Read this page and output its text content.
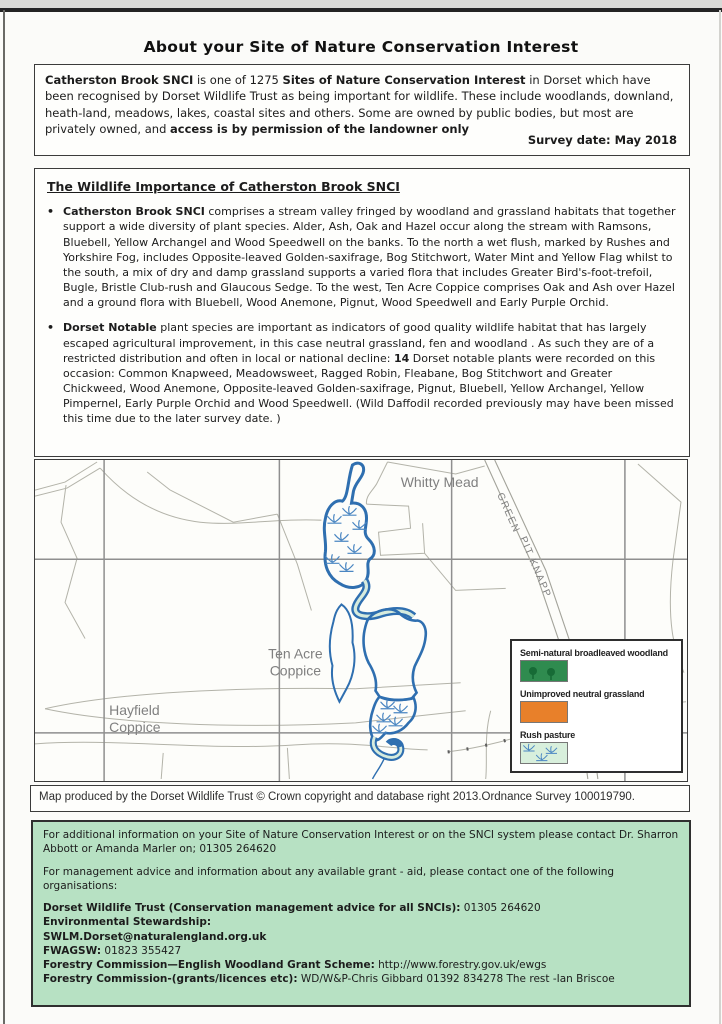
About your Site of Nature Conservation Interest
Catherston Brook SNCI is one of 1275 Sites of Nature Conservation Interest in Dorset which have been recognised by Dorset Wildlife Trust as being important for wildlife. These include woodlands, downland, heath-land, meadows, lakes, coastal sites and others. Some are owned by public bodies, but most are privately owned, and access is by permission of the landowner only
Survey date: May 2018
The Wildlife Importance of Catherston Brook SNCI
• Catherston Brook SNCI comprises a stream valley fringed by woodland and grassland habitats that together support a wide diversity of plant species. Alder, Ash, Oak and Hazel occur along the stream with Ramsons, Bluebell, Yellow Archangel and Wood Speedwell on the banks. To the north a wet flush, marked by Rushes and Yorkshire Fog, includes Opposite-leaved Golden-saxifrage, Bog Stitchwort, Water Mint and Yellow Flag whilst to the south, a mix of dry and damp grassland supports a varied flora that includes Greater Bird's-foot-trefoil, Bugle, Bristle Club-rush and Glaucous Sedge. To the west, Ten Acre Coppice comprises Oak and Ash over Hazel and a ground flora with Bluebell, Wood Anemone, Pignut, Wood Speedwell and Early Purple Orchid.
• Dorset Notable plant species are important as indicators of good quality wildlife habitat that has largely escaped agricultural improvement, in this case neutral grassland, fen and woodland . As such they are of a restricted distribution and often in local or national decline: 14 Dorset notable plants were recorded on this occasion: Common Knapweed, Meadowsweet, Ragged Robin, Fleabane, Bog Stitchwort and Greater Chickweed, Wood Anemone, Opposite-leaved Golden-saxifrage, Pignut, Bluebell, Yellow Archangel, Yellow Pimpernel, Early Purple Orchid and Wood Speedwell. (Wild Daffodil recorded previously may have been missed this time due to the later survey date. )
Whitty Mead
Ten Acre
Coppice
Hayfield
Coppice
GREEN
PIT KNAPP
Semi-natural broadleaved woodland
Unimproved neutral grassland
Rush pasture
Map produced by the Dorset Wildlife Trust © Crown copyright and database right 2013.Ordnance Survey 100019790.

For additional information on your Site of Nature Conservation Interest or on the SNCI system please contact Dr. Sharron Abbott or Amanda Marler on; 01305 264620

For management advice and information about any available grant - aid, please contact one of the following organisations:

Dorset Wildlife Trust (Conservation management advice for all SNCIs): 01305 264620
Environmental Stewardship:
SWLM.Dorset@naturalengland.org.uk
FWAGSW: 01823 355427
Forestry Commission—English Woodland Grant Scheme: http://www.forestry.gov.uk/ewgs
Forestry Commission-(grants/licences etc): WD/W&P-Chris Gibbard 01392 834278 The rest -Ian Briscoe
